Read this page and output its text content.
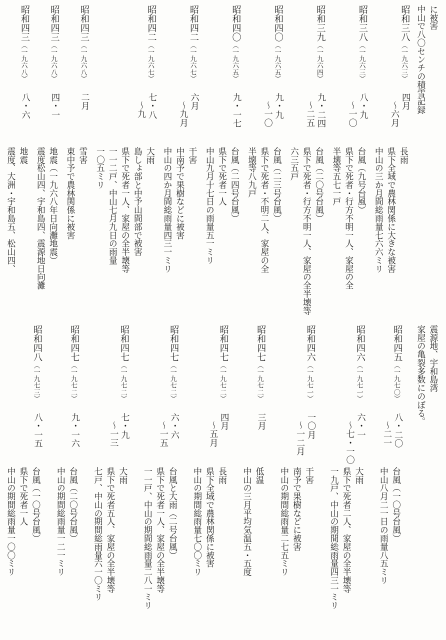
に被害
中山で八〇センチの積雪記録
昭和三八（一九六三）
四月
〜六月
長雨
県下全域で農林関係に大きな被害
中山の三か月間総雨量七六六ミリ
昭和三八（一九六三）
八・九
〜一〇
台風（九号台風）
県下で死者・行方不明一人、家屋の全
半壊等五七一戸
昭和三九（一九六四）
九・二四
〜二五
台風（二〇号台風）
県下で死者・行方不明一人、家屋の全半壊等
六三五戸
昭和四〇（一九六五）
九・九
〜一〇
台風（二三号台風）
県下で死者・不明二人、家屋の全
半壊等八九戸
昭和四〇（一九六五）
九・一七
台風（二四号台風）
県下で死者一人
中山九月十七日の雨量五一ミリ
昭和四二（一九六七）
六月
〜九月
干害
中南予で果樹などに被害
中山の四か月間総雨量四三一ミリ
昭和四二（一九六七）
七・八
〜九
大雨
島しょ部と中予山間部で被害
県下で死者一人、家屋の全半壊等
一一二戸、中山七月九日の雨量
一〇五ミリ
昭和四三（一九六八）
二月
雪害
東中予で農林関係に被害
昭和四三（一九六八）
四・一
地震（一九六八年日向灘地震）
震度松山四、宇和島四、震源地日向灘
昭和四三（一九六八）
八・六
地震
震度、大洲・宇和島五、松山四、
震源地、宇和島湾
家屋の亀裂多数にのぼる。
昭和四五（一九七〇）
八・二〇
〜二一
台風（一〇号台風）
中山八月二一日の雨量八五ミリ
昭和四六（一九七一）
六・一
〜七・一〇
大雨
県下で死者二人、家屋の全半壊等
一九戸、中山の期間総雨量四三一ミリ
昭和四六（一九七一）
一〇月
〜一二月
干害
南予で果樹などに被害
中山の期間総雨量二七五ミリ
昭和四七（一九七二）
三月
低温
中山の三月平均気温五・五度
昭和四七（一九七二）
四月
〜五月
長雨
県下全域で農林関係に被害
中山の期間総雨量七〇〇ミリ
昭和四七（一九七二）
六・六
〜一五
台風と大雨（二号台風）
県下で死者一人、家屋の全半壊等
一一戸、中山の期間総雨量二八一ミリ
昭和四七（一九七二）
七・九
〜一三
大雨
県下で死者五人、家屋の全半壊等
七戸、中山の期間総雨量六一〇ミリ
昭和四七（一九七二）
九・一六
台風（二〇号台風）
中山の期間総雨量一二一ミリ
昭和四八（一九七三）
八・一五
台風（一〇号台風）
県下で死者一人
中山の期間総雨量一〇〇ミリ
